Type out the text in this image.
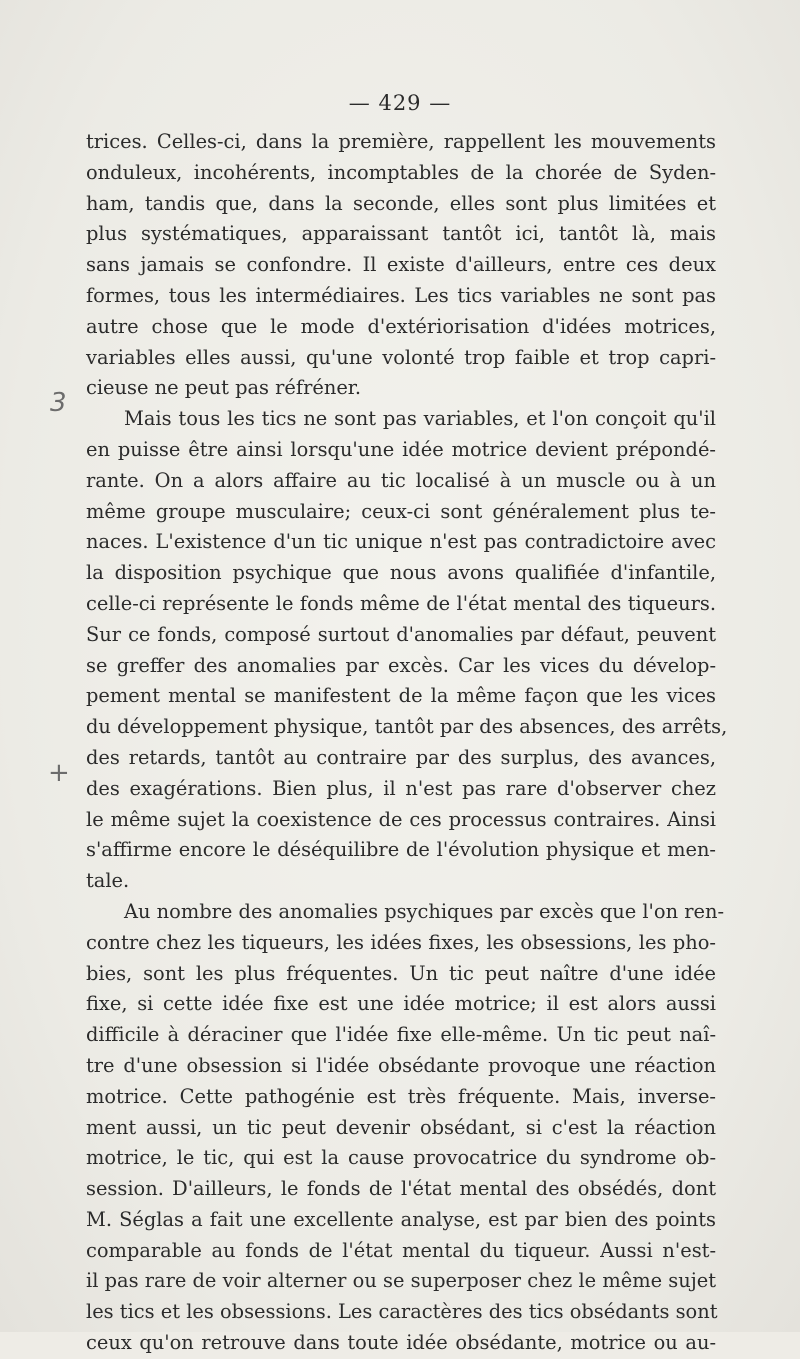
— 429 —

trices. Celles-ci, dans la première, rappellent les mouvements
onduleux, incohérents, incomptables de la chorée de Syden-
ham, tandis que, dans la seconde, elles sont plus limitées et
plus systématiques, apparaissant tantôt ici, tantôt là, mais
sans jamais se confondre. Il existe d'ailleurs, entre ces deux
formes, tous les intermédiaires. Les tics variables ne sont pas
autre chose que le mode d'extériorisation d'idées motrices,
variables elles aussi, qu'une volonté trop faible et trop capri-
cieuse ne peut pas réfréner.

Mais tous les tics ne sont pas variables, et l'on conçoit qu'il
en puisse être ainsi lorsqu'une idée motrice devient prépondé-
rante. On a alors affaire au tic localisé à un muscle ou à un
même groupe musculaire; ceux-ci sont généralement plus te-
naces. L'existence d'un tic unique n'est pas contradictoire avec
la disposition psychique que nous avons qualifiée d'infantile,
celle-ci représente le fonds même de l'état mental des tiqueurs.
Sur ce fonds, composé surtout d'anomalies par défaut, peuvent
se greffer des anomalies par excès. Car les vices du dévelop-
pement mental se manifestent de la même façon que les vices
du développement physique, tantôt par des absences, des arrêts,
des retards, tantôt au contraire par des surplus, des avances,
des exagérations. Bien plus, il n'est pas rare d'observer chez
le même sujet la coexistence de ces processus contraires. Ainsi
s'affirme encore le déséquilibre de l'évolution physique et men-
tale.

Au nombre des anomalies psychiques par excès que l'on ren-
contre chez les tiqueurs, les idées fixes, les obsessions, les pho-
bies, sont les plus fréquentes. Un tic peut naître d'une idée
fixe, si cette idée fixe est une idée motrice; il est alors aussi
difficile à déraciner que l'idée fixe elle-même. Un tic peut naî-
tre d'une obsession si l'idée obsédante provoque une réaction
motrice. Cette pathogénie est très fréquente. Mais, inverse-
ment aussi, un tic peut devenir obsédant, si c'est la réaction
motrice, le tic, qui est la cause provocatrice du syndrome ob-
session. D'ailleurs, le fonds de l'état mental des obsédés, dont
M. Séglas a fait une excellente analyse, est par bien des points
comparable au fonds de l'état mental du tiqueur. Aussi n'est-
il pas rare de voir alterner ou se superposer chez le même sujet
les tics et les obsessions. Les caractères des tics obsédants sont
ceux qu'on retrouve dans toute idée obsédante, motrice ou au-

3
+
